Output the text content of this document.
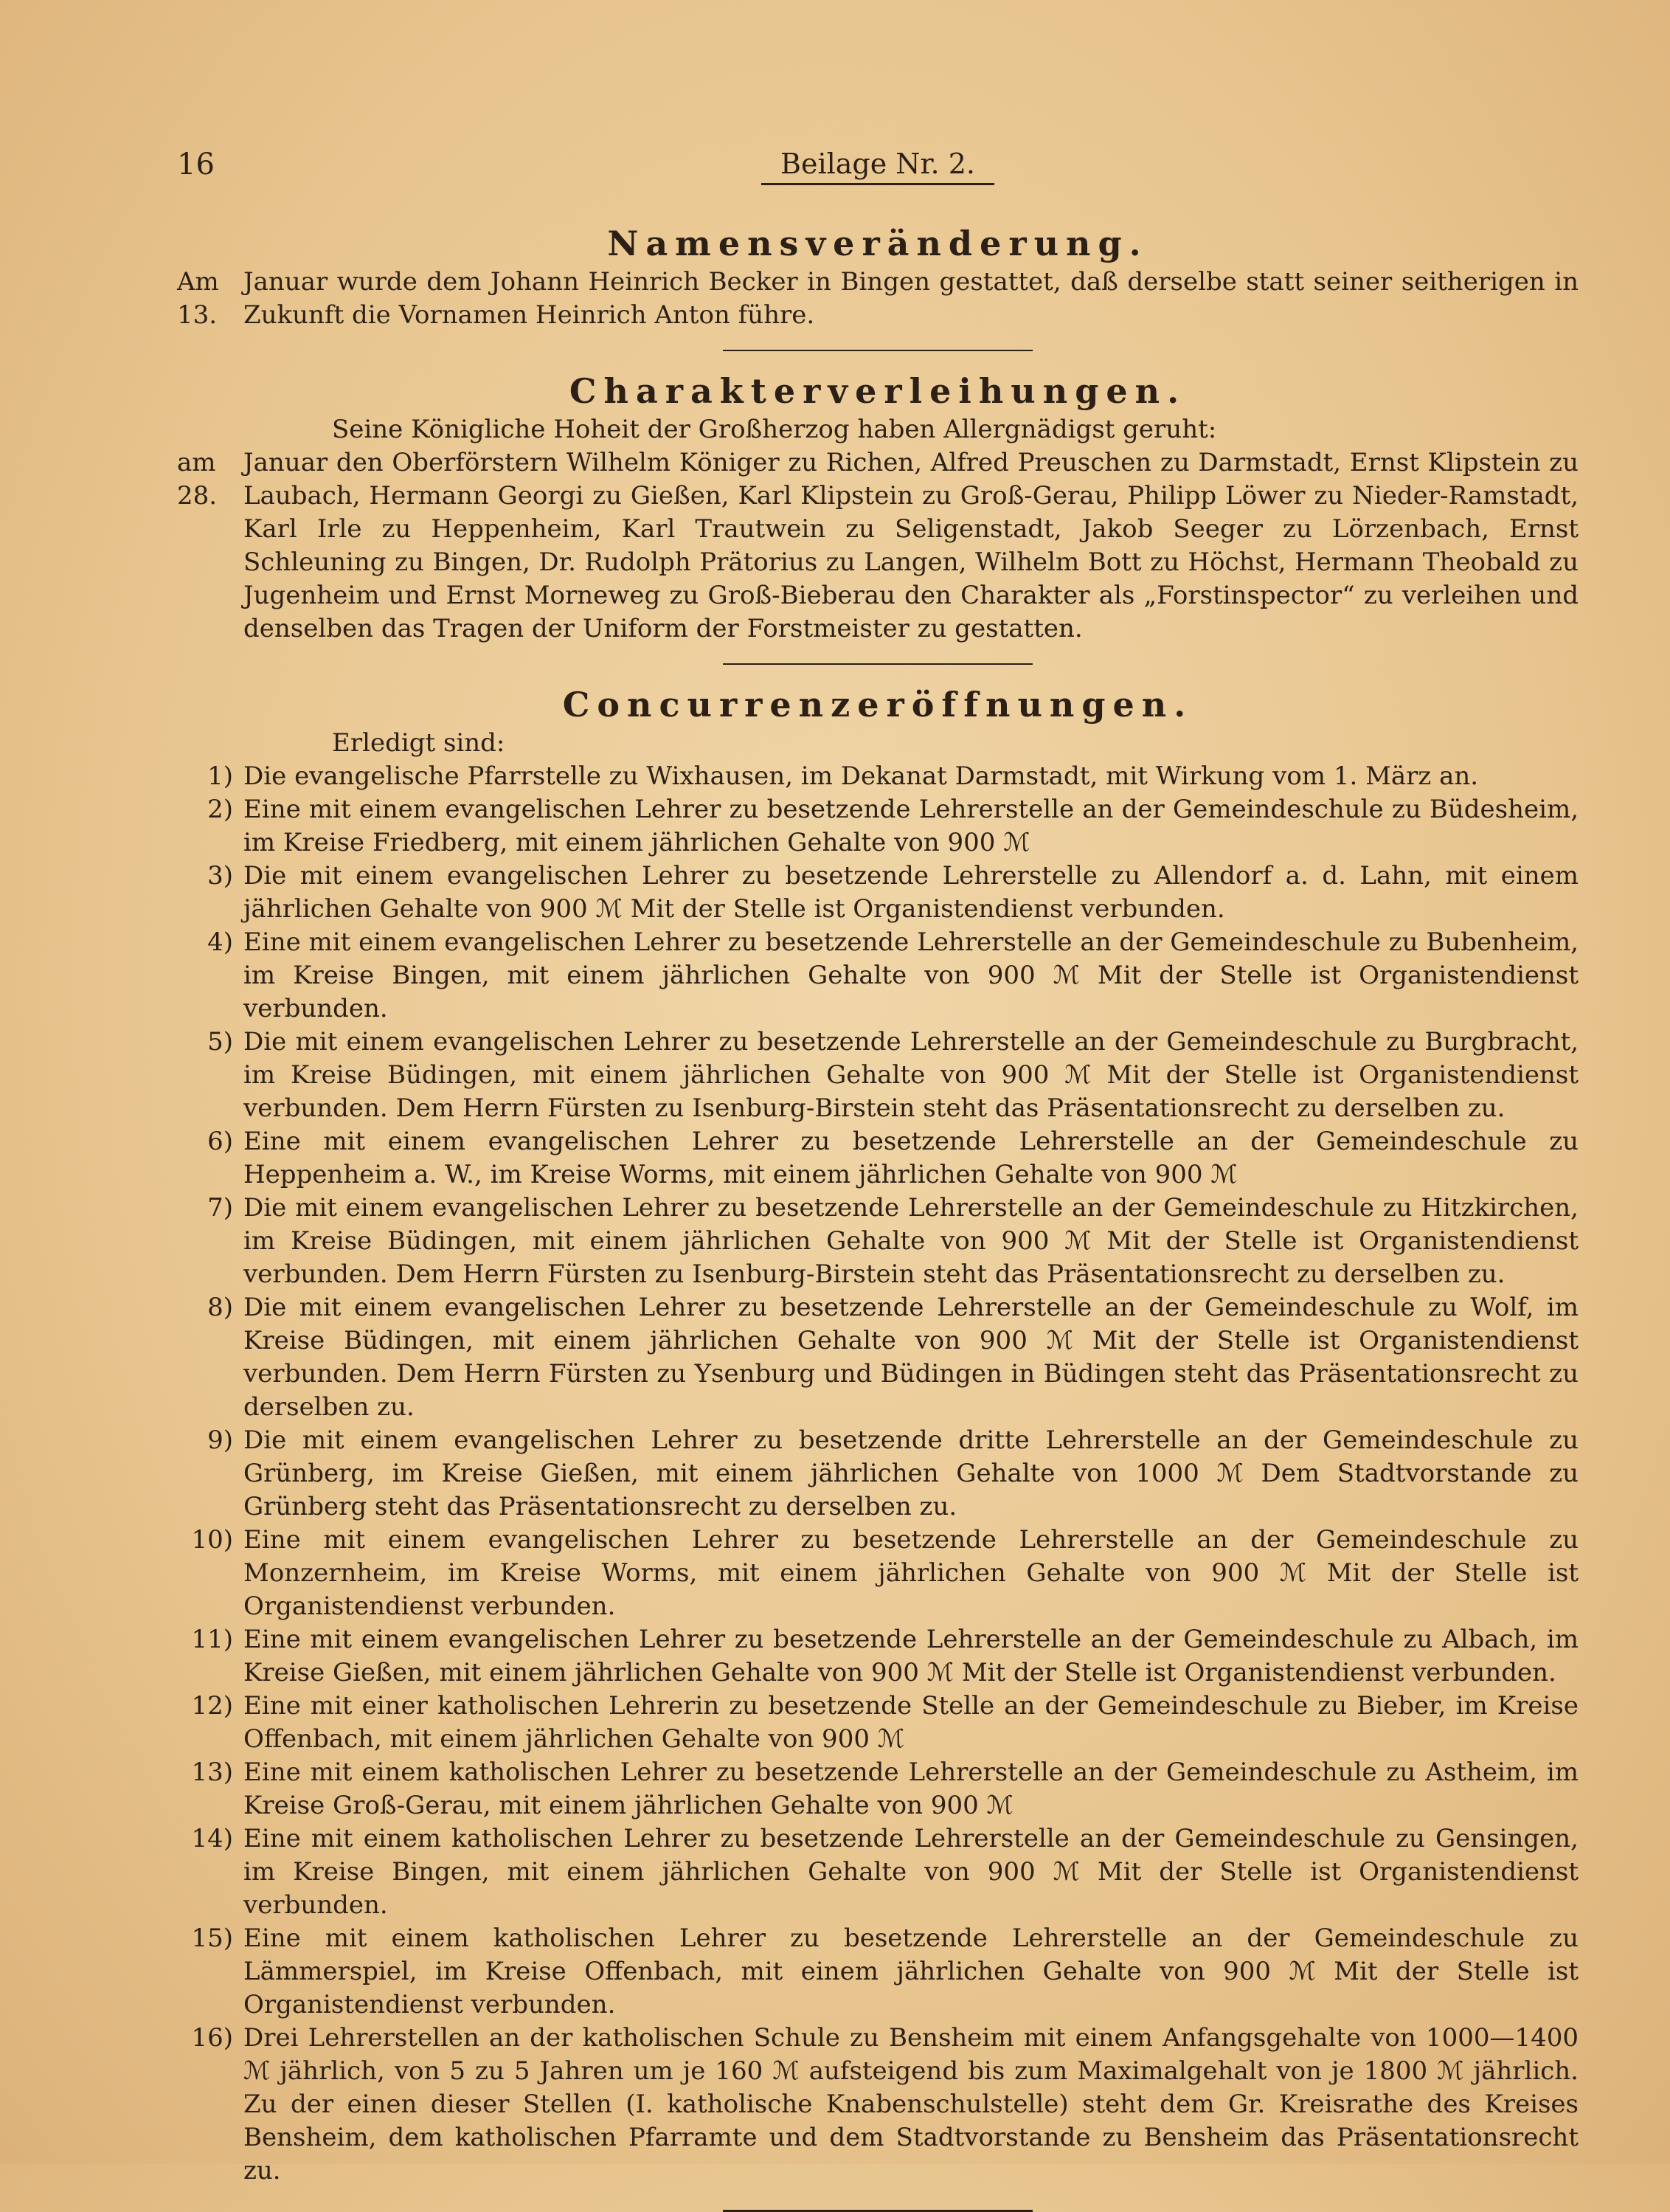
16	Beilage Nr. 2.
Namensveränderung.
Am 13.

Januar wurde dem Johann Heinrich Becker in Bingen gestattet, daß derselbe statt seiner seitherigen in Zukunft die Vornamen Heinrich Anton führe.

Charakterverleihungen.
Seine Königliche Hoheit der Großherzog haben Allergnädigst geruht:
am 28.

Januar den Oberförstern Wilhelm Königer zu Richen, Alfred Preuschen zu Darmstadt, Ernst Klipstein zu Laubach, Hermann Georgi zu Gießen, Karl Klipstein zu Groß-Gerau, Philipp Löwer zu Nieder-Ramstadt, Karl Irle zu Heppenheim, Karl Trautwein zu Seligenstadt, Jakob Seeger zu Lörzenbach, Ernst Schleuning zu Bingen, Dr. Rudolph Prätorius zu Langen, Wilhelm Bott zu Höchst, Hermann Theobald zu Jugenheim und Ernst Morneweg zu Groß-Bieberau den Charakter als „Forstinspector“ zu verleihen und denselben das Tragen der Uniform der Forstmeister zu gestatten.

Concurrenzeröffnungen.
Erledigt sind:
1) Die evangelische Pfarrstelle zu Wixhausen, im Dekanat Darmstadt, mit Wirkung vom 1. März an.
2) Eine mit einem evangelischen Lehrer zu besetzende Lehrerstelle an der Gemeindeschule zu Büdesheim, im Kreise Friedberg, mit einem jährlichen Gehalte von 900 ℳ
3) Die mit einem evangelischen Lehrer zu besetzende Lehrerstelle zu Allendorf a. d. Lahn, mit einem jährlichen Gehalte von 900 ℳ Mit der Stelle ist Organistendienst verbunden.
4) Eine mit einem evangelischen Lehrer zu besetzende Lehrerstelle an der Gemeindeschule zu Bubenheim, im Kreise Bingen, mit einem jährlichen Gehalte von 900 ℳ Mit der Stelle ist Organistendienst verbunden.
5) Die mit einem evangelischen Lehrer zu besetzende Lehrerstelle an der Gemeindeschule zu Burgbracht, im Kreise Büdingen, mit einem jährlichen Gehalte von 900 ℳ Mit der Stelle ist Organistendienst verbunden. Dem Herrn Fürsten zu Isenburg-Birstein steht das Präsentationsrecht zu derselben zu.
6) Eine mit einem evangelischen Lehrer zu besetzende Lehrerstelle an der Gemeindeschule zu Heppenheim a. W., im Kreise Worms, mit einem jährlichen Gehalte von 900 ℳ
7) Die mit einem evangelischen Lehrer zu besetzende Lehrerstelle an der Gemeindeschule zu Hitzkirchen, im Kreise Büdingen, mit einem jährlichen Gehalte von 900 ℳ Mit der Stelle ist Organistendienst verbunden. Dem Herrn Fürsten zu Isenburg-Birstein steht das Präsentationsrecht zu derselben zu.
8) Die mit einem evangelischen Lehrer zu besetzende Lehrerstelle an der Gemeindeschule zu Wolf, im Kreise Büdingen, mit einem jährlichen Gehalte von 900 ℳ Mit der Stelle ist Organistendienst verbunden. Dem Herrn Fürsten zu Ysenburg und Büdingen in Büdingen steht das Präsentationsrecht zu derselben zu.
9) Die mit einem evangelischen Lehrer zu besetzende dritte Lehrerstelle an der Gemeindeschule zu Grünberg, im Kreise Gießen, mit einem jährlichen Gehalte von 1000 ℳ Dem Stadtvorstande zu Grünberg steht das Präsentationsrecht zu derselben zu.
10) Eine mit einem evangelischen Lehrer zu besetzende Lehrerstelle an der Gemeindeschule zu Monzernheim, im Kreise Worms, mit einem jährlichen Gehalte von 900 ℳ Mit der Stelle ist Organistendienst verbunden.
11) Eine mit einem evangelischen Lehrer zu besetzende Lehrerstelle an der Gemeindeschule zu Albach, im Kreise Gießen, mit einem jährlichen Gehalte von 900 ℳ Mit der Stelle ist Organistendienst verbunden.
12) Eine mit einer katholischen Lehrerin zu besetzende Stelle an der Gemeindeschule zu Bieber, im Kreise Offenbach, mit einem jährlichen Gehalte von 900 ℳ
13) Eine mit einem katholischen Lehrer zu besetzende Lehrerstelle an der Gemeindeschule zu Astheim, im Kreise Groß-Gerau, mit einem jährlichen Gehalte von 900 ℳ
14) Eine mit einem katholischen Lehrer zu besetzende Lehrerstelle an der Gemeindeschule zu Gensingen, im Kreise Bingen, mit einem jährlichen Gehalte von 900 ℳ Mit der Stelle ist Organistendienst verbunden.
15) Eine mit einem katholischen Lehrer zu besetzende Lehrerstelle an der Gemeindeschule zu Lämmerspiel, im Kreise Offenbach, mit einem jährlichen Gehalte von 900 ℳ Mit der Stelle ist Organistendienst verbunden.
16) Drei Lehrerstellen an der katholischen Schule zu Bensheim mit einem Anfangsgehalte von 1000—1400 ℳ jährlich, von 5 zu 5 Jahren um je 160 ℳ aufsteigend bis zum Maximalgehalt von je 1800 ℳ jährlich. Zu der einen dieser Stellen (I. katholische Knabenschulstelle) steht dem Gr. Kreisrathe des Kreises Bensheim, dem katholischen Pfarramte und dem Stadtvorstande zu Bensheim das Präsentationsrecht zu.
